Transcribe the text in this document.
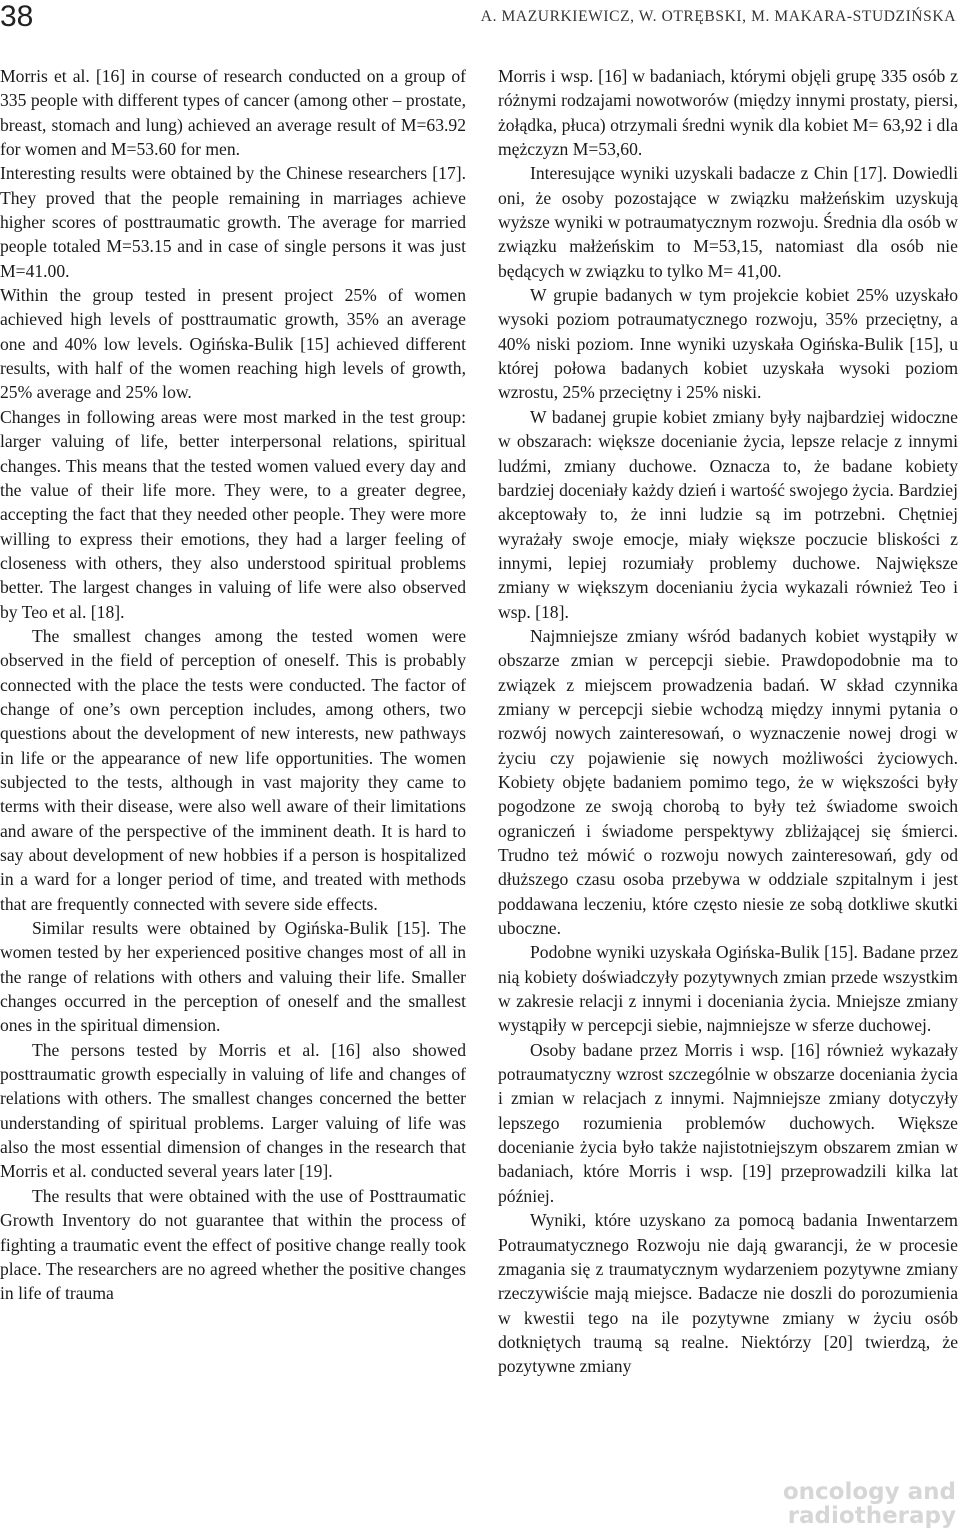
38	A. MAZURKIEWICZ, W. OTRĘBSKI, M. MAKARA-STUDZIŃSKA

Morris et al. [16] in course of research conducted on a group of 335 people with different types of cancer (among other – prostate, breast, stomach and lung) achieved an average result of M=63.92 for women and M=53.60 for men.

Interesting results were obtained by the Chinese researchers [17]. They proved that the people remaining in marriages achieve higher scores of posttraumatic growth. The average for married people totaled M=53.15 and in case of single persons it was just M=41.00.

Within the group tested in present project 25% of women achieved high levels of posttraumatic growth, 35% an average one and 40% low levels. Ogińska-Bulik [15] achieved different results, with half of the women reaching high levels of growth, 25% average and 25% low.

Changes in following areas were most marked in the test group: larger valuing of life, better interpersonal relations, spiritual changes. This means that the tested women valued every day and the value of their life more. They were, to a greater degree, accepting the fact that they needed other people. They were more willing to express their emotions, they had a larger feeling of closeness with others, they also understood spiritual problems better. The largest changes in valuing of life were also observed by Teo et al. [18].

The smallest changes among the tested women were observed in the field of perception of oneself. This is probably connected with the place the tests were conducted. The factor of change of one’s own perception includes, among others, two questions about the development of new interests, new pathways in life or the appearance of new life opportunities. The women subjected to the tests, although in vast majority they came to terms with their disease, were also well aware of their limitations and aware of the perspective of the imminent death. It is hard to say about development of new hobbies if a person is hospitalized in a ward for a longer period of time, and treated with methods that are frequently connected with severe side effects.

Similar results were obtained by Ogińska-Bulik [15]. The women tested by her experienced positive changes most of all in the range of relations with others and valuing their life. Smaller changes occurred in the perception of oneself and the smallest ones in the spiritual dimension.

The persons tested by Morris et al. [16] also showed posttraumatic growth especially in valuing of life and changes of relations with others. The smallest changes concerned the better understanding of spiritual problems. Larger valuing of life was also the most essential dimension of changes in the research that Morris et al. conducted several years later [19].

The results that were obtained with the use of Posttraumatic Growth Inventory do not guarantee that within the process of fighting a traumatic event the effect of positive change really took place. The researchers are no agreed whether the positive changes in life of trauma

Morris i wsp. [16] w badaniach, którymi objęli grupę 335 osób z różnymi rodzajami nowotworów (między innymi prostaty, piersi, żołądka, płuca) otrzymali średni wynik dla kobiet M= 63,92 i dla mężczyzn M=53,60.

Interesujące wyniki uzyskali badacze z Chin [17]. Dowiedli oni, że osoby pozostające w związku małżeńskim uzyskują wyższe wyniki w potraumatycznym rozwoju. Średnia dla osób w związku małżeńskim to M=53,15, natomiast dla osób nie będących w związku to tylko M= 41,00.

W grupie badanych w tym projekcie kobiet 25% uzyskało wysoki poziom potraumatycznego rozwoju, 35% przeciętny, a 40% niski poziom. Inne wyniki uzyskała Ogińska-Bulik [15], u której połowa badanych kobiet uzyskała wysoki poziom wzrostu, 25% przeciętny i 25% niski.

W badanej grupie kobiet zmiany były najbardziej widoczne w obszarach: większe docenianie życia, lepsze relacje z innymi ludźmi, zmiany duchowe. Oznacza to, że badane kobiety bardziej doceniały każdy dzień i wartość swojego życia. Bardziej akceptowały to, że inni ludzie są im potrzebni. Chętniej wyrażały swoje emocje, miały większe poczucie bliskości z innymi, lepiej rozumiały problemy duchowe. Największe zmiany w większym docenianiu życia wykazali również Teo i wsp. [18].

Najmniejsze zmiany wśród badanych kobiet wystąpiły w obszarze zmian w percepcji siebie. Prawdopodobnie ma to związek z miejscem prowadzenia badań. W skład czynnika zmiany w percepcji siebie wchodzą między innymi pytania o rozwój nowych zainteresowań, o wyznaczenie nowej drogi w życiu czy pojawienie się nowych możliwości życiowych. Kobiety objęte badaniem pomimo tego, że w większości były pogodzone ze swoją chorobą to były też świadome swoich ograniczeń i świadome perspektywy zbliżającej się śmierci. Trudno też mówić o rozwoju nowych zainteresowań, gdy od dłuższego czasu osoba przebywa w oddziale szpitalnym i jest poddawana leczeniu, które często niesie ze sobą dotkliwe skutki uboczne.

Podobne wyniki uzyskała Ogińska-Bulik [15]. Badane przez nią kobiety doświadczyły pozytywnych zmian przede wszystkim w zakresie relacji z innymi i doceniania życia. Mniejsze zmiany wystąpiły w percepcji siebie, najmniejsze w sferze duchowej.

Osoby badane przez Morris i wsp. [16] również wykazały potraumatyczny wzrost szczególnie w obszarze doceniania życia i zmian w relacjach z innymi. Najmniejsze zmiany dotyczyły lepszego rozumienia problemów duchowych. Większe docenianie życia było także najistotniejszym obszarem zmian w badaniach, które Morris i wsp. [19] przeprowadzili kilka lat później.

Wyniki, które uzyskano za pomocą badania Inwentarzem Potraumatycznego Rozwoju nie dają gwarancji, że w procesie zmagania się z traumatycznym wydarzeniem pozytywne zmiany rzeczywiście mają miejsce. Badacze nie doszli do porozumienia w kwestii tego na ile pozytywne zmiany w życiu osób dotkniętych traumą są realne. Niektórzy [20] twierdzą, że pozytywne zmiany

oncology and
radiotherapy
